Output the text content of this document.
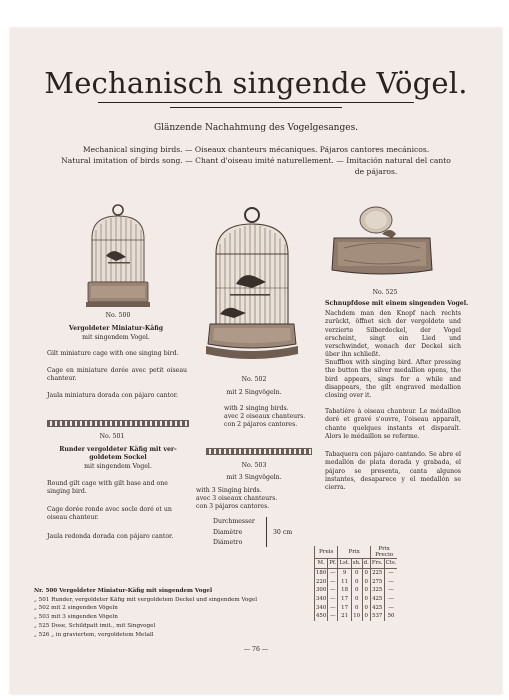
Mechanisch singende Vögel.
Glänzende Nachahmung des Vogelgesanges.
Mechanical singing birds. — Oiseaux chanteurs mécaniques. Pájaros cantores mecánicos.
Natural imitation of birds song. — Chant d'oiseau imité naturellement. — Imitación natural del canto
de pájaros.
No. 500
Vergoldeter Miniatur-Käfig
mit singendem Vogel.
Gilt miniature cage with one singing bird.
Cage en miniature dorée avec petit oiseau chanteur.
Jaula miniatura dorada con pájaro cantor.
No. 501
Runder vergoldeter Käfig mit ver-
goldetem Sockel
mit singendem Vogel.
Round gilt cage with gilt base and one singing bird.
Cage dorée ronde avec socle doré et un oiseau chanteur.
Jaula redonda dorada con pájaro cantor.
No. 502
mit 2 Singvögeln.
with 2 singing birds.
avec 2 oiseaux chanteurs.
con 2 pájaros cantores.
No. 503
mit 3 Singvögeln.
with 3 Singing birds.
avec 3 oiseaux chanteurs.
con 3 pájaros cantores.
Durchmesser
Diamètre
Diámetro
30 cm
No. 525
Schnupfdose mit einem singenden Vogel.
Nachdem man den Knopf nach rechts zurückt, öffnet sich der vergoldete und verzierte Silberdeckel, der Vogel erscheint, singt ein Lied und verschwindet, wonach der Deckel sich über ihn schließt.
Snuffbox with singing bird. After pressing the button the silver medallion opens, the bird appears, sings for a while and disappears, the gilt engraved medallion closing over it.
Tabatière à oiseau chanteur. Le médaillon doré et gravé s'ouvre, l'oiseau apparaît, chante quelques instants et disparaît. Alors le médaillon se referme.
Tabaquera con pájaro cantando. Se abre el medallón de plata dorada y grabada, el pájaro se presenta, canta algunos instantes, desaparece y el medallón se cierra.
Nr. 500 Vergoldeter Miniatur-Käfig mit singendem Vogel
„ 501 Runder, vergoldeter Käfig mit vergoldetem Deckel und singendem Vogel
„ 502 mit 2 singenden Vögeln
„ 503 mit 3 singenden Vögeln
„ 525 Dose, Schildpatt imit., mit Singvogel
„ 526 „ in graviertem, vergoldetem Metall
Preis		Prix			Prix
Precio	
M.	Pf.	Lst.	sh.	d.	Frs.	Cts.
180	—	9	0	0	225	—
220	—	11	0	0	275	—
300	—	18	0	0	325	—
340	—	17	0	0	425	—
340	—	17	0	0	425	—
450	—	21	10	0	537	50
— 76 —
